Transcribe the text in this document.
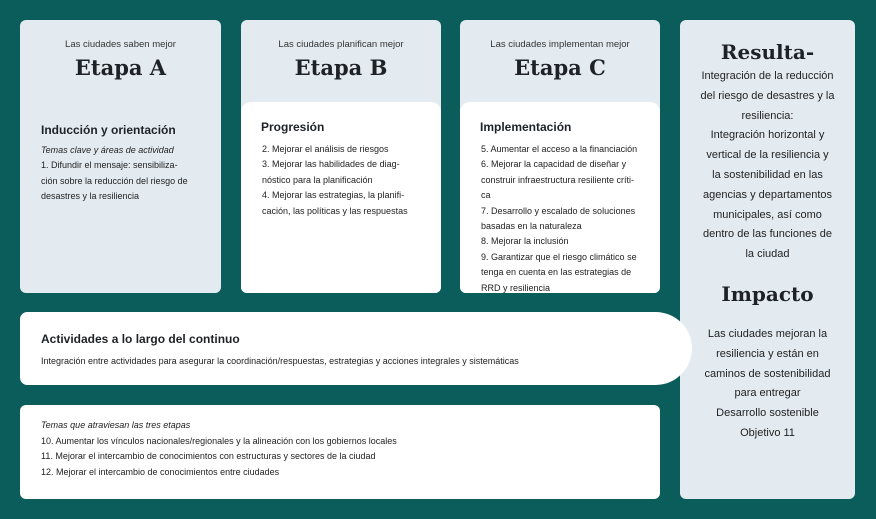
Las ciudades saben mejor
Etapa A
Inducción y orientación
Temas clave y áreas de actividad
1. Difundir el mensaje: sensibiliza-
ción sobre la reducción del riesgo de
desastres y la resiliencia
Las ciudades planifican mejor
Etapa B
Progresión
2. Mejorar el análisis de riesgos
3. Mejorar las habilidades de diag-
nóstico para la planificación
4. Mejorar las estrategias, la planifi-
cación, las políticas y las respuestas
Las ciudades implementan mejor
Etapa C
Implementación
5. Aumentar el acceso a la financiación
6. Mejorar la capacidad de diseñar y
construir infraestructura resiliente críti-
ca
7. Desarrollo y escalado de soluciones
basadas en la naturaleza
8. Mejorar la inclusión
9. Garantizar que el riesgo climático se
tenga en cuenta en las estrategias de
RRD y resiliencia
Resulta-
Integración de la reducción
del riesgo de desastres y la
resiliencia:
Integración horizontal y
vertical de la resiliencia y
la sostenibilidad en las
agencias y departamentos
municipales, así como
dentro de las funciones de
la ciudad
Impacto
Las ciudades mejoran la
resiliencia y están en
caminos de sostenibilidad
para entregar
Desarrollo sostenible
Objetivo 11
Actividades a lo largo del continuo
Integración entre actividades para asegurar la coordinación/respuestas, estrategias y acciones integrales y sistemáticas
Temas que atraviesan las tres etapas
10. Aumentar los vínculos nacionales/regionales y la alineación con los gobiernos locales
11. Mejorar el intercambio de conocimientos con estructuras y sectores de la ciudad
12. Mejorar el intercambio de conocimientos entre ciudades
